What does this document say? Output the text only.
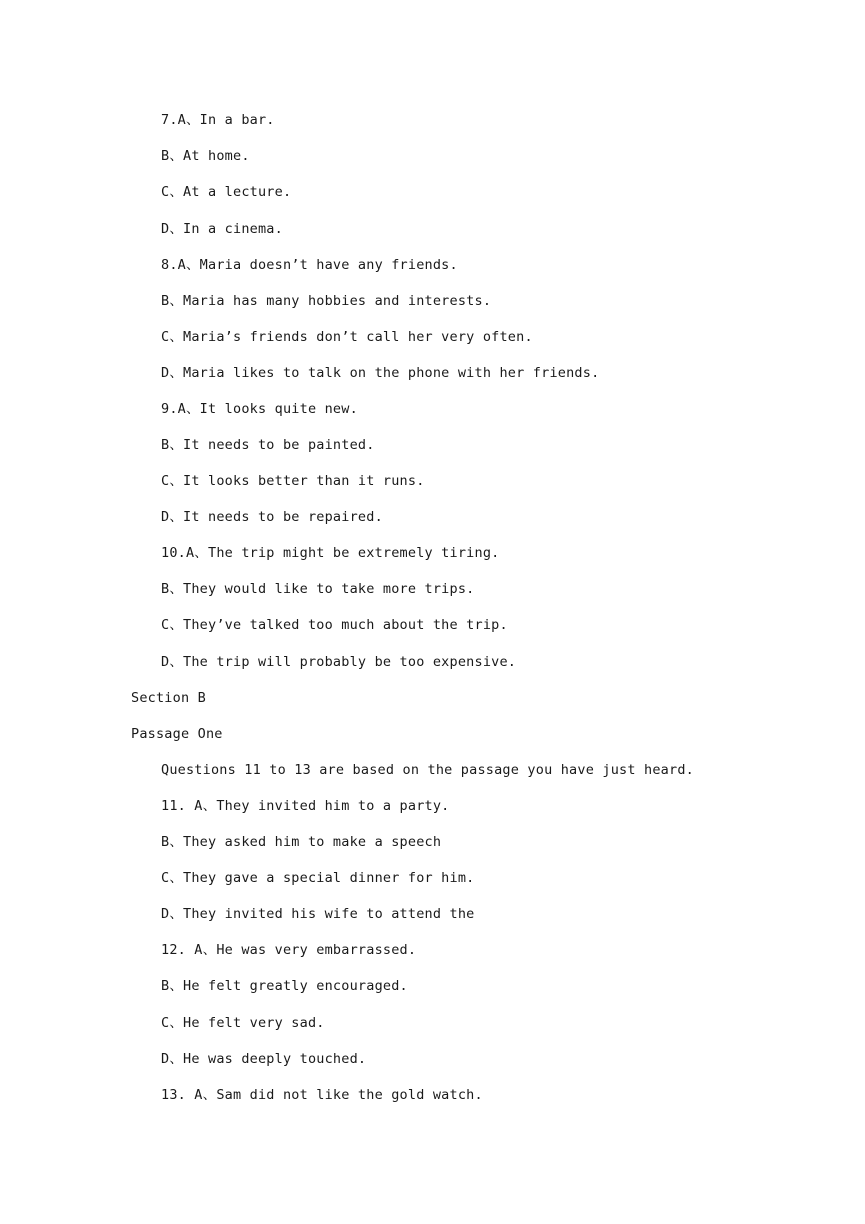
7.A、In a bar.
B、At home.
C、At a lecture.
D、In a cinema.
8.A、Maria doesn’t have any friends.
B、Maria has many hobbies and interests.
C、Maria’s friends don’t call her very often.
D、Maria likes to talk on the phone with her friends.
9.A、It looks quite new.
B、It needs to be painted.
C、It looks better than it runs.
D、It needs to be repaired.
10.A、The trip might be extremely tiring.
B、They would like to take more trips.
C、They’ve talked too much about the trip.
D、The trip will probably be too expensive.
Section B
Passage One
Questions 11 to 13 are based on the passage you have just heard.
11. A、They invited him to a party.
B、They asked him to make a speech
C、They gave a special dinner for him.
D、They invited his wife to attend the
12. A、He was very embarrassed.
B、He felt greatly encouraged.
C、He felt very sad.
D、He was deeply touched.
13. A、Sam did not like the gold watch.
